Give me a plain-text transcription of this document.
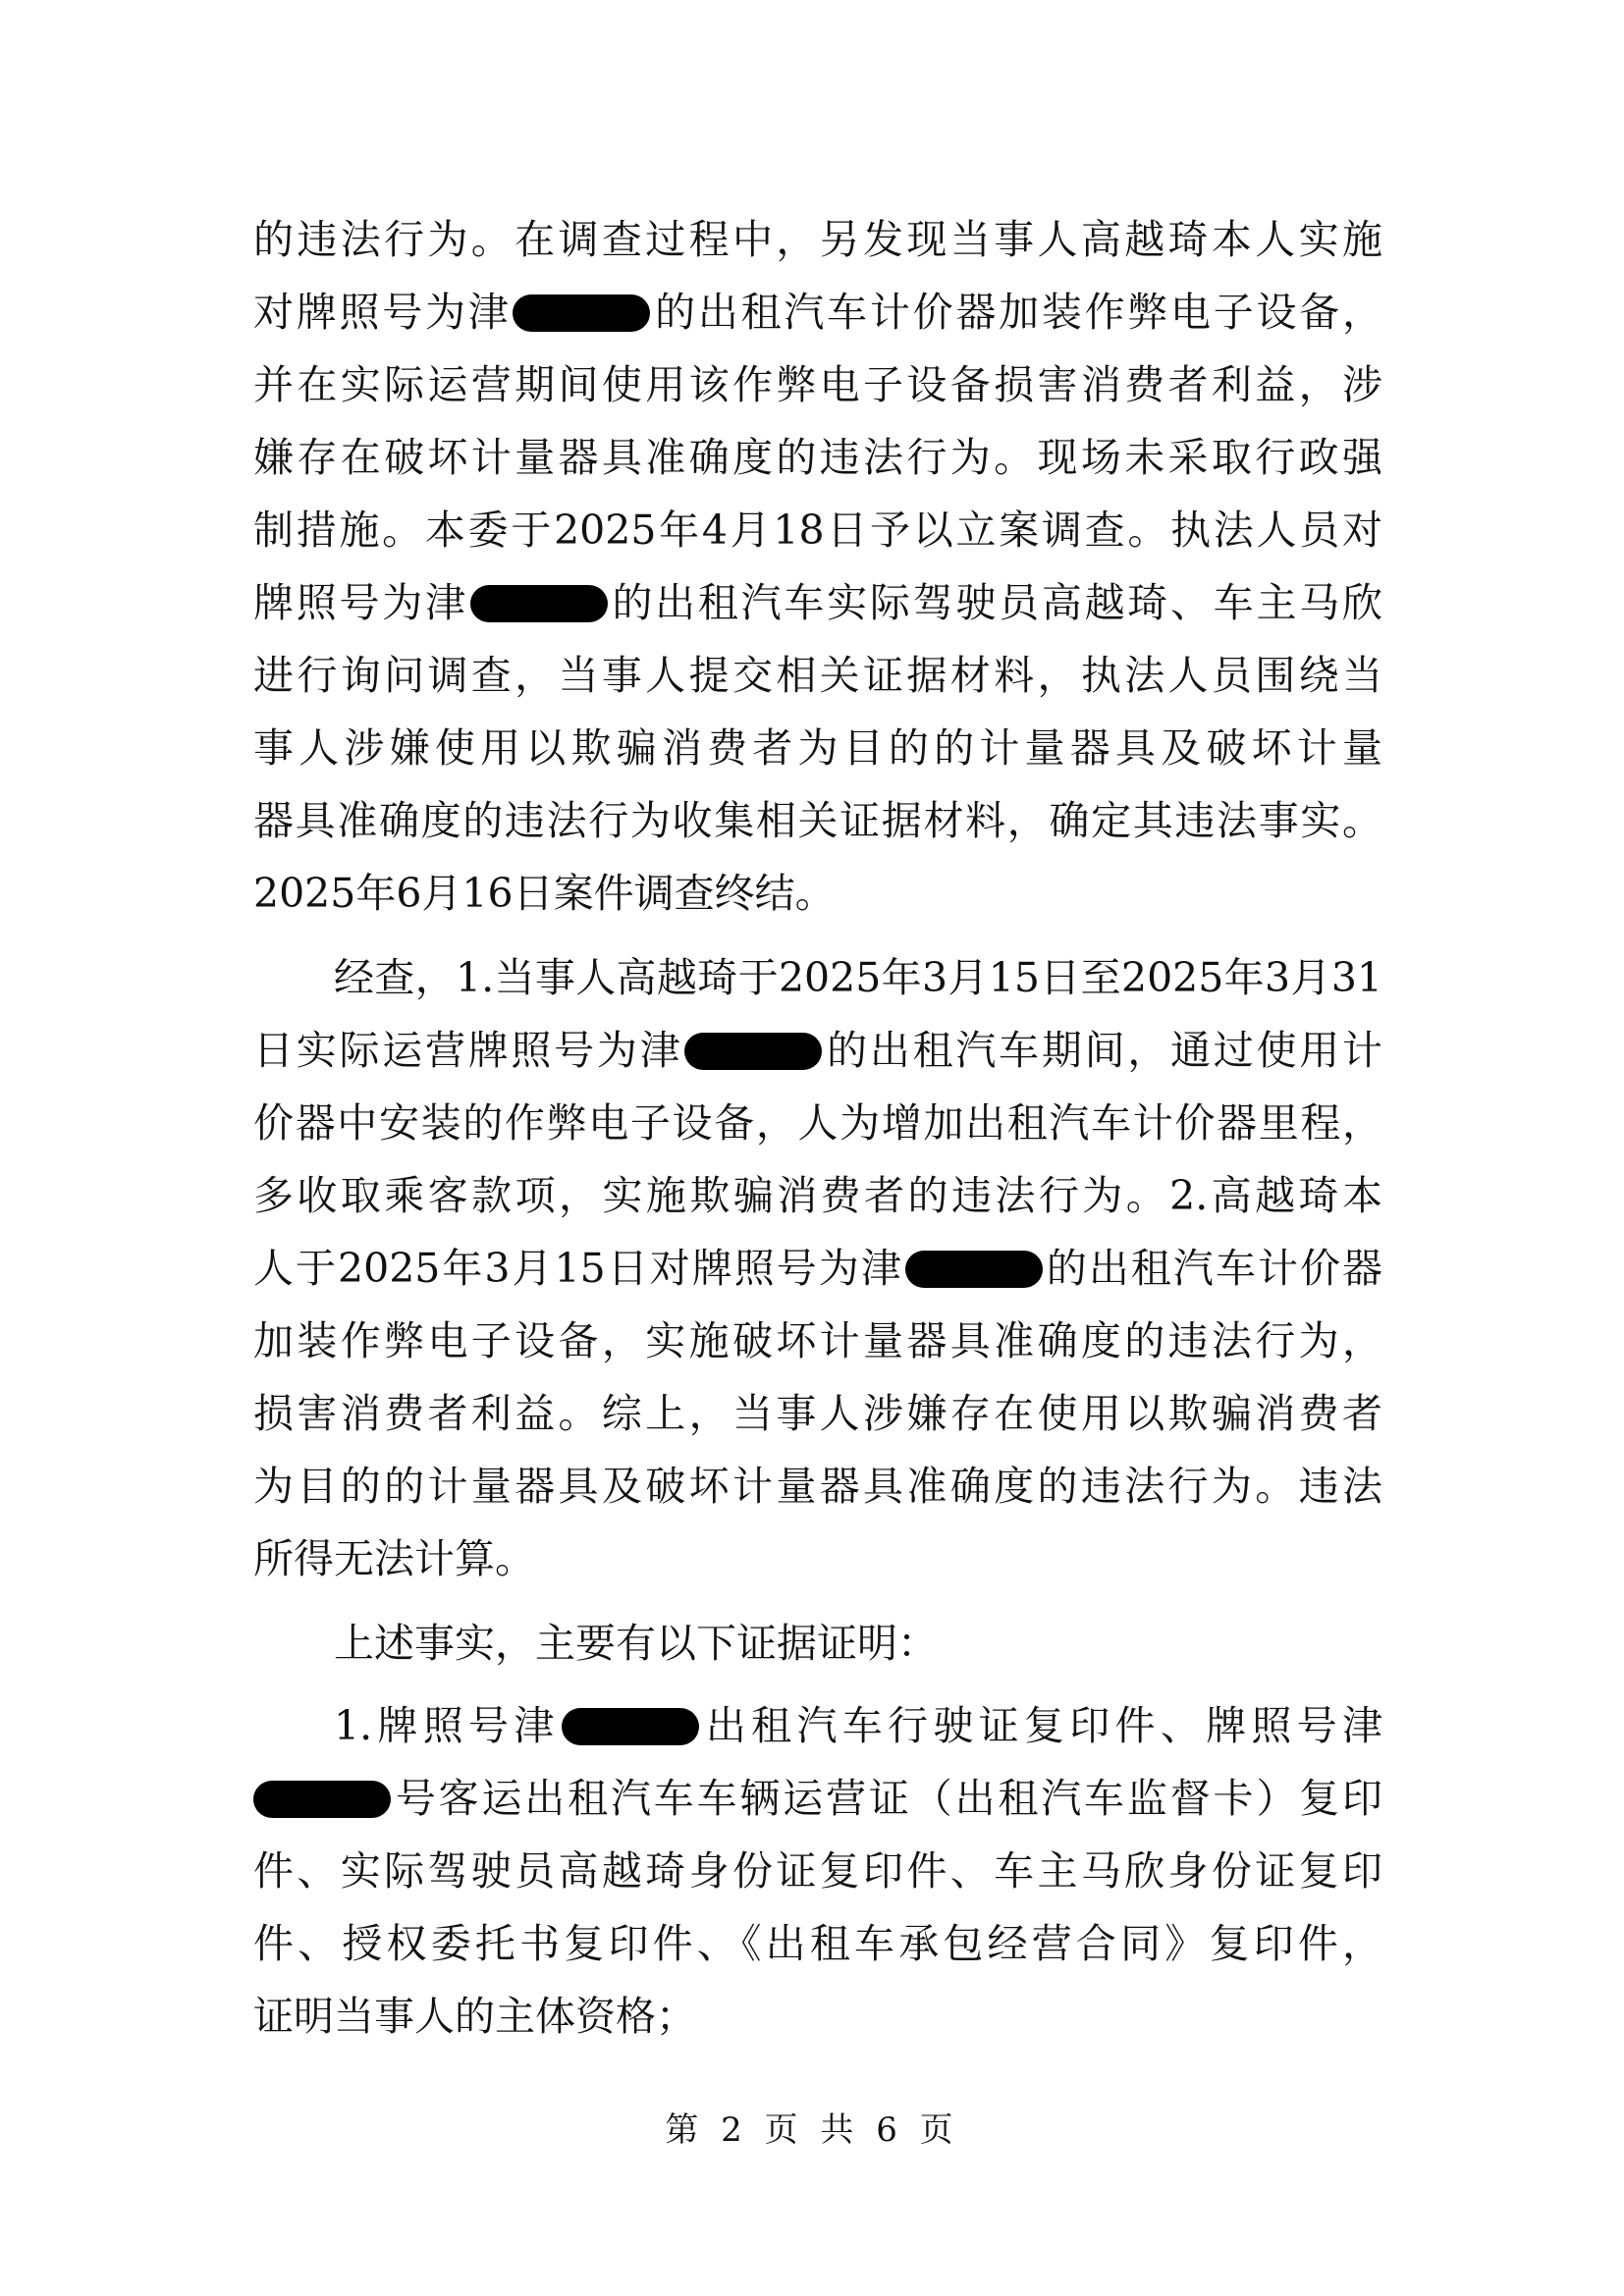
的违法行为。在调查过程中，另发现当事人高越琦本人实施
对牌照号为津	的出租汽车计价器加装作弊电子设备，
并在实际运营期间使用该作弊电子设备损害消费者利益，涉
嫌存在破坏计量器具准确度的违法行为。现场未采取行政强
制措施。本委于2025年4月18日予以立案调查。执法人员对
牌照号为津	的出租汽车实际驾驶员高越琦、车主马欣
进行询问调查，当事人提交相关证据材料，执法人员围绕当
事人涉嫌使用以欺骗消费者为目的的计量器具及破坏计量
器具准确度的违法行为收集相关证据材料，确定其违法事实。
2025年6月16日案件调查终结。
经查，1.当事人高越琦于2025年3月15日至2025年3月31
日实际运营牌照号为津	的出租汽车期间，通过使用计
价器中安装的作弊电子设备，人为增加出租汽车计价器里程，
多收取乘客款项，实施欺骗消费者的违法行为。2.高越琦本
人于2025年3月15日对牌照号为津	的出租汽车计价器
加装作弊电子设备，实施破坏计量器具准确度的违法行为，
损害消费者利益。综上，当事人涉嫌存在使用以欺骗消费者
为目的的计量器具及破坏计量器具准确度的违法行为。违法
所得无法计算。
上述事实，主要有以下证据证明：
1.牌照号津	出租汽车行驶证复印件、牌照号津
号客运出租汽车车辆运营证（出租汽车监督卡）复印
件、实际驾驶员高越琦身份证复印件、车主马欣身份证复印
件、授权委托书复印件、《出租车承包经营合同》复印件，
证明当事人的主体资格；
第 2 页 共 6 页
